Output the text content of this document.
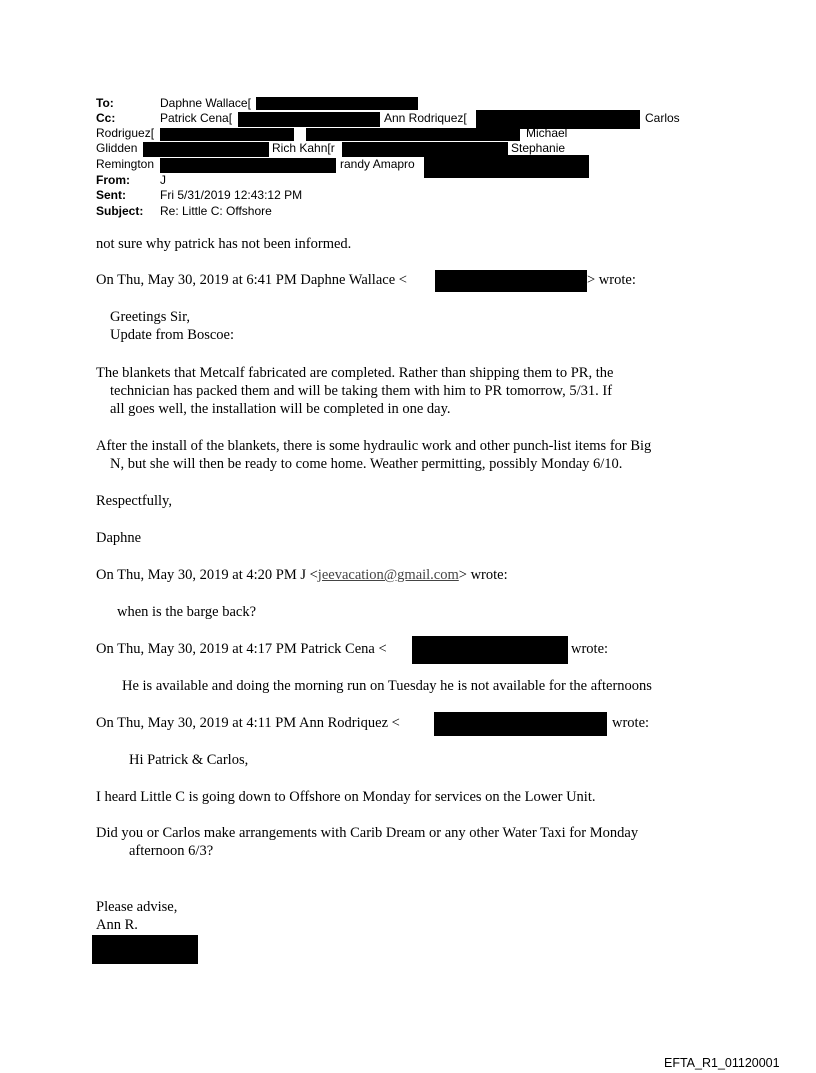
To:	Daphne Wallace[
Cc:	Patrick Cena[	Ann Rodriquez[	Carlos
Rodriguez[	Michael
Glidden	Rich Kahn[r	Stephanie
Remington	randy Amapro
From:	J
Sent:	Fri 5/31/2019 12:43:12 PM
Subject: Re: Little C: Offshore
not sure why patrick has not been informed.
On Thu, May 30, 2019 at 6:41 PM Daphne Wallace <	> wrote:
Greetings Sir,
Update from Boscoe:
The blankets that Metcalf fabricated are completed. Rather than shipping them to PR, the
technician has packed them and will be taking them with him to PR tomorrow, 5/31. If
all goes well, the installation will be completed in one day.
After the install of the blankets, there is some hydraulic work and other punch-list items for Big
N, but she will then be ready to come home. Weather permitting, possibly Monday 6/10.
Respectfully,
Daphne
On Thu, May 30, 2019 at 4:20 PM J <jeevacation@gmail.com> wrote:
when is the barge back?
On Thu, May 30, 2019 at 4:17 PM Patrick Cena <	wrote:
He is available and doing the morning run on Tuesday he is not available for the afternoons
On Thu, May 30, 2019 at 4:11 PM Ann Rodriquez <	wrote:
Hi Patrick & Carlos,
I heard Little C is going down to Offshore on Monday for services on the Lower Unit.
Did you or Carlos make arrangements with Carib Dream or any other Water Taxi for Monday
afternoon 6/3?
Please advise,
Ann R.
EFTA_R1_01120001
